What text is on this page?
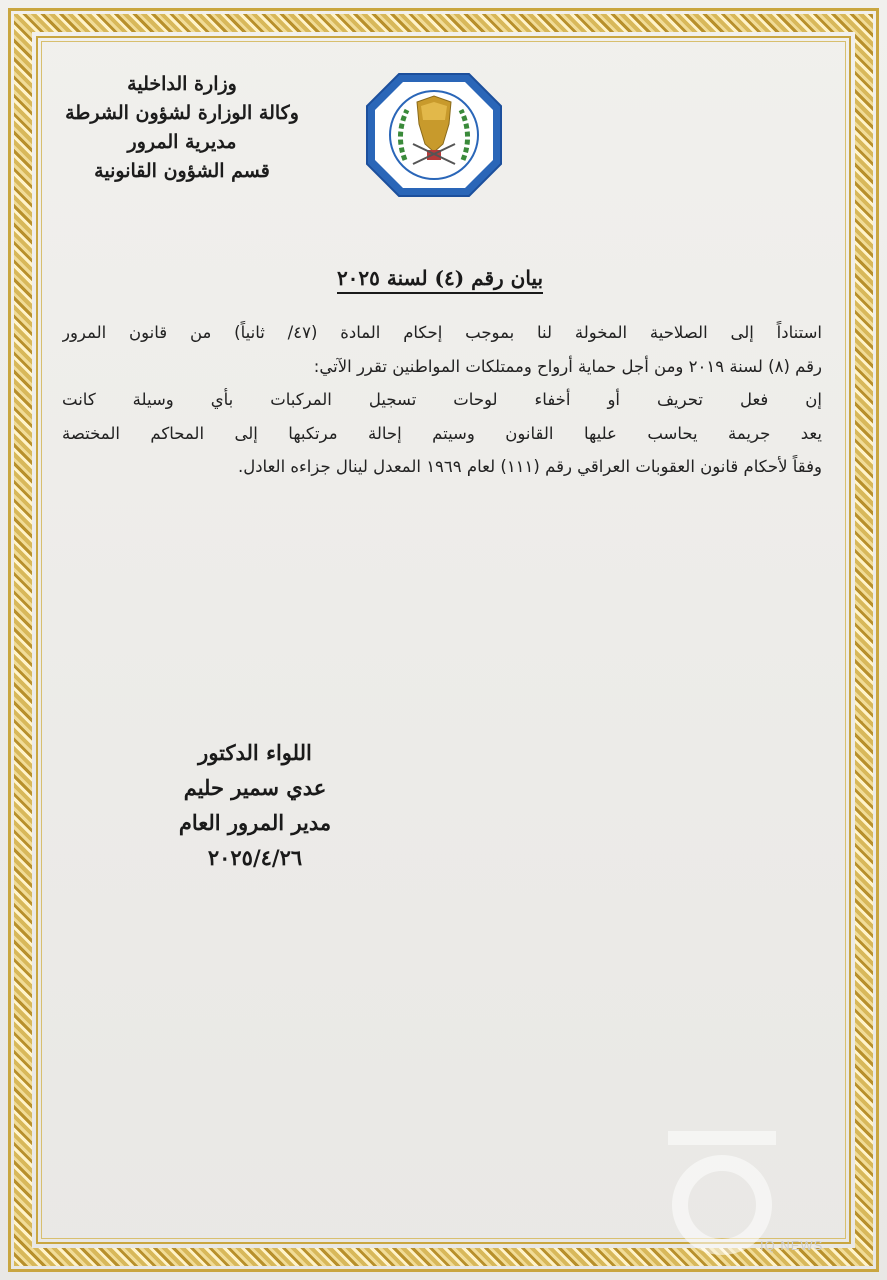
وزارة الداخلية
وكالة الوزارة لشؤون الشرطة
مديرية المرور
قسم الشؤون القانونية
بيان رقم (٤) لسنة ٢٠٢٥
استناداً إلى الصلاحية المخولة لنا بموجب إحكام المادة (٤٧/ ثانياً) من قانون المرور
رقم (٨) لسنة ٢٠١٩ ومن أجل حماية أرواح وممتلكات المواطنين تقرر الآتي:
إن فعل تحريف أو أخفاء لوحات تسجيل المركبات بأي وسيلة كانت
يعد جريمة يحاسب عليها القانون وسيتم إحالة مرتكبها إلى المحاكم المختصة
وفقاً لأحكام قانون العقوبات العراقي رقم (١١١) لعام ١٩٦٩ المعدل لينال جزاءه العادل.
اللواء الدكتور
عدي سمير حليم
مدير المرور العام
٢٠٢٥/٤/٢٦
IQ NEWS
